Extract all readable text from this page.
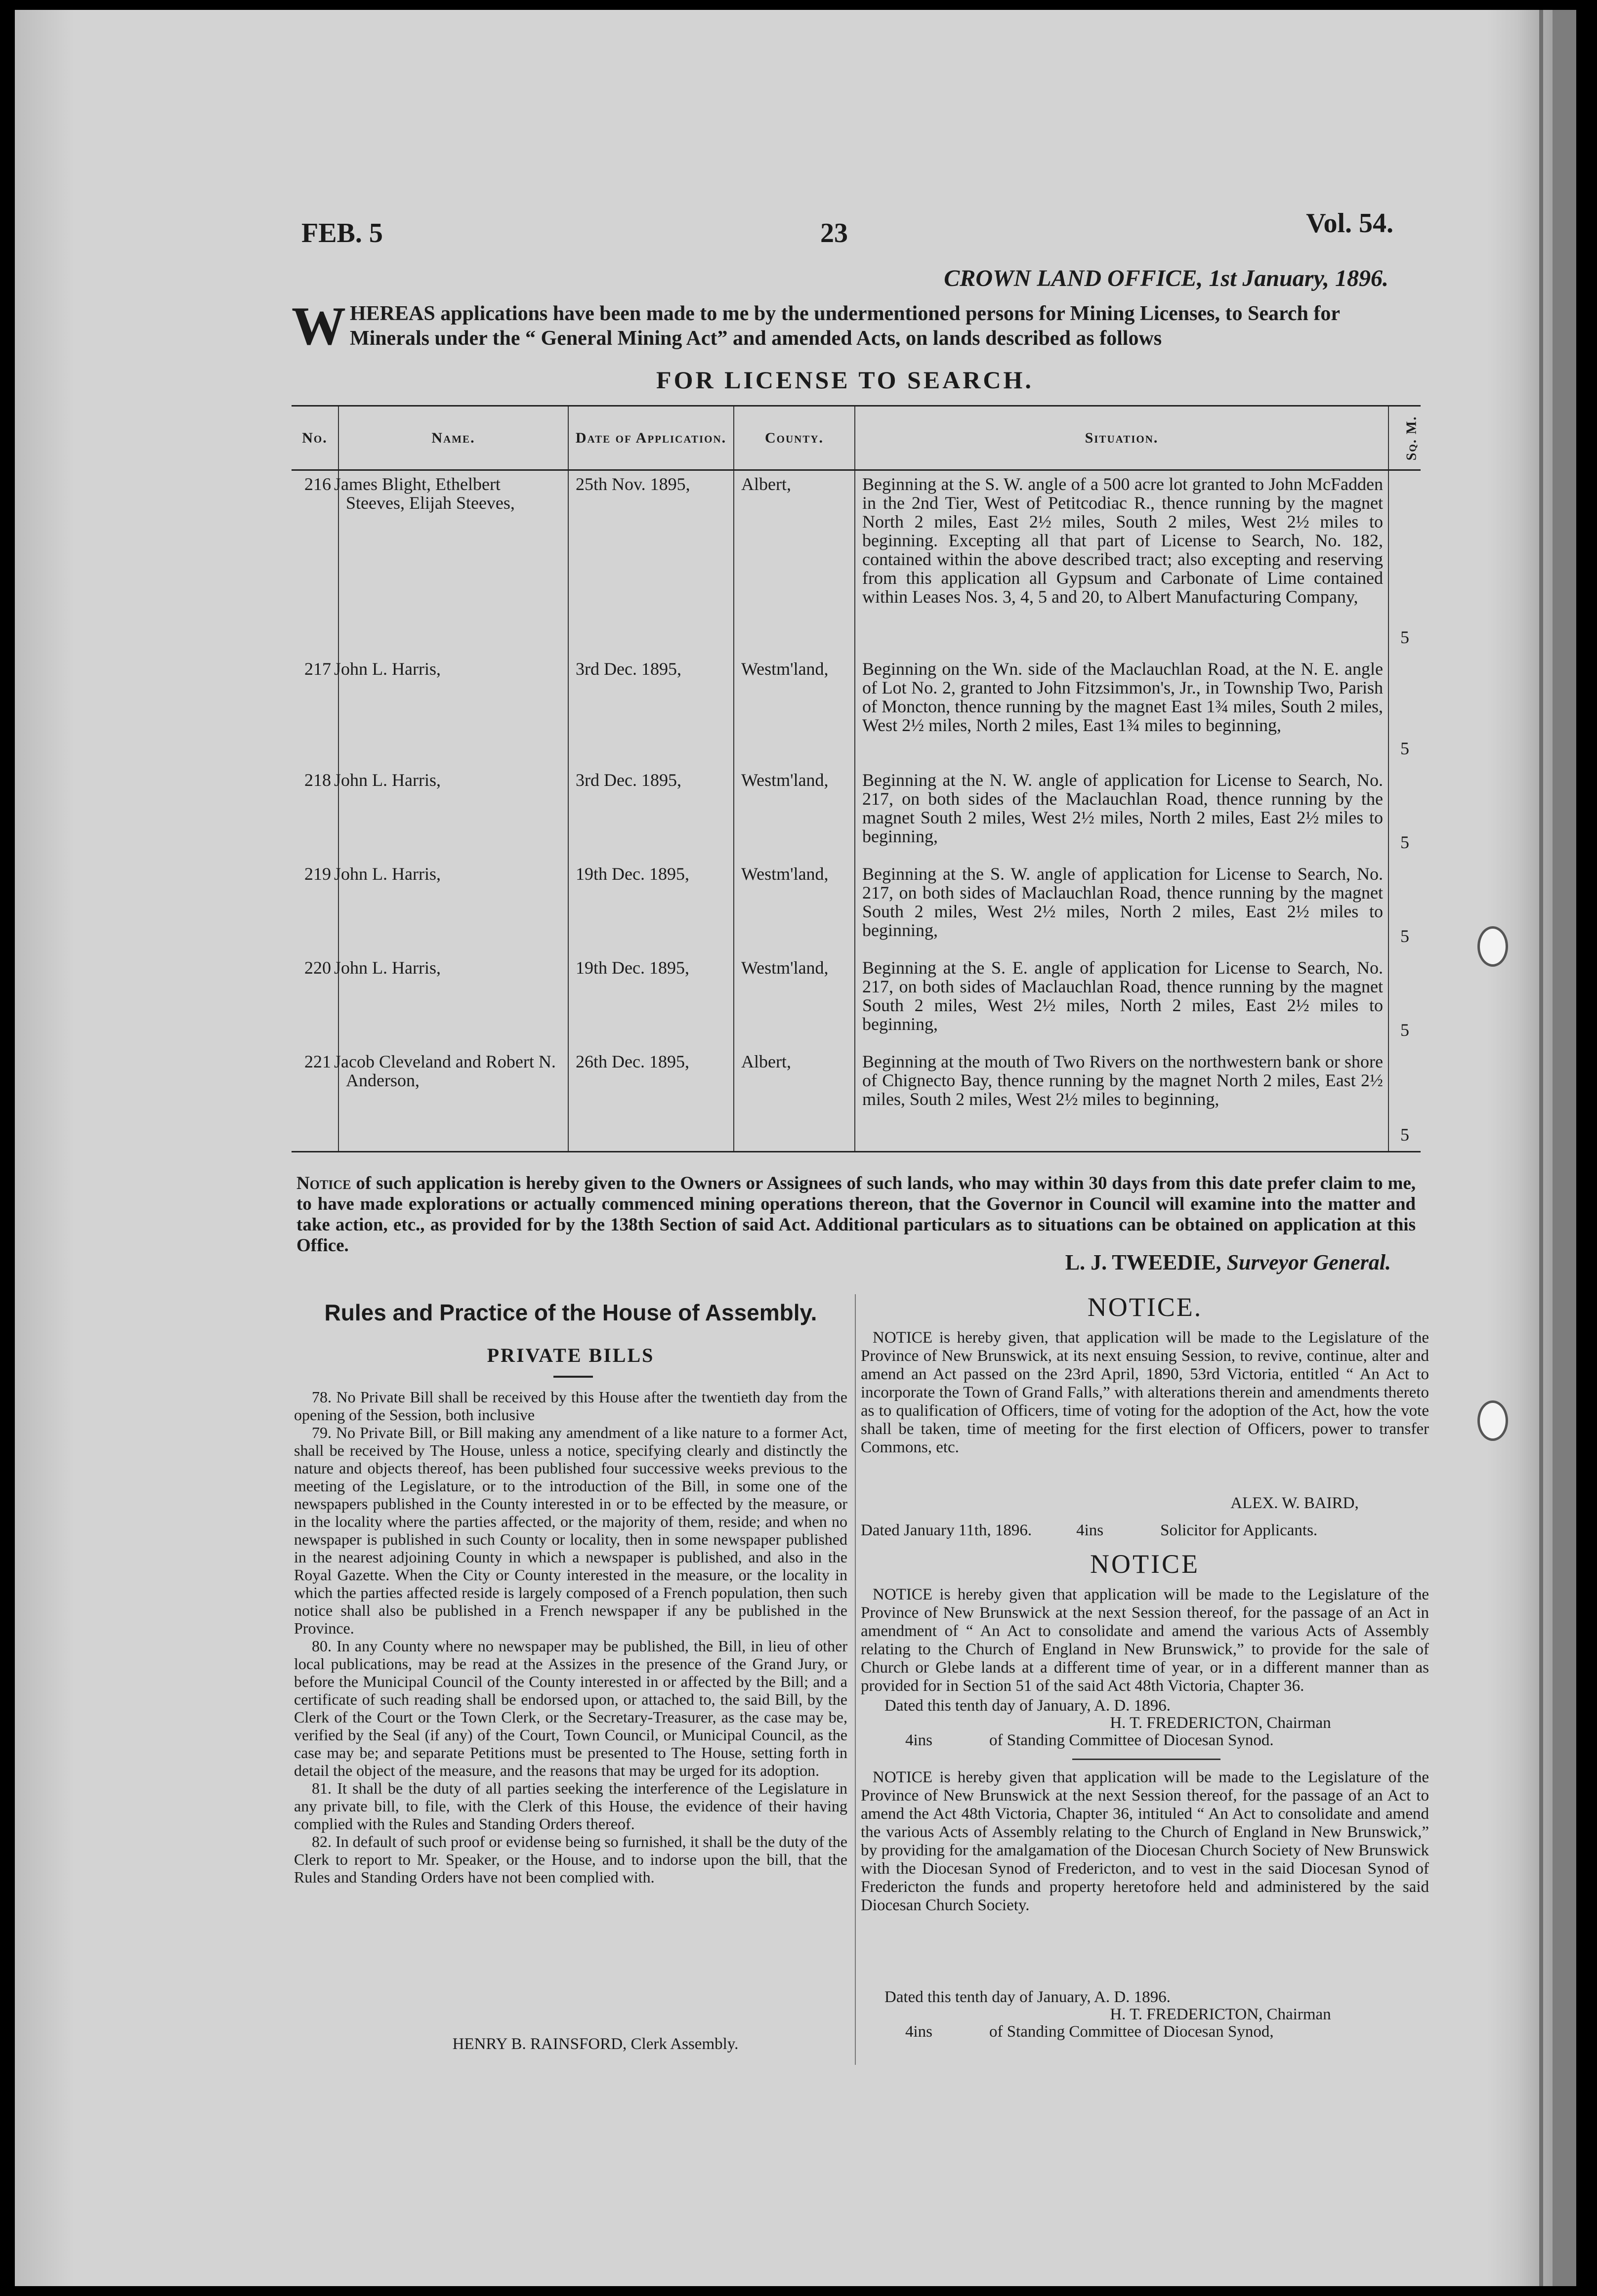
FEB. 5	23	Vol. 54.
CROWN LAND OFFICE, 1st January, 1896.
W HEREAS applications have been made to me by the undermentioned persons for Mining Licenses, to Search for Minerals under the “ General Mining Act” and amended Acts, on lands described as follows
FOR LICENSE TO SEARCH.
No.	Name.	Date of Application.	County.	Situation.	Sq. M.
216	James Blight, Ethelbert Steeves, Elijah Steeves,	25th Nov. 1895,	Albert,	Beginning at the S. W. angle of a 500 acre lot granted to John McFadden in the 2nd Tier, West of Petitcodiac R., thence running by the magnet North 2 miles, East 2½ miles, South 2 miles, West 2½ miles to beginning. Excepting all that part of License to Search, No. 182, contained within the above described tract; also excepting and reserving from this application all Gypsum and Carbonate of Lime contained within Leases Nos. 3, 4, 5 and 20, to Albert Manufacturing Company,	5
217	John L. Harris,	3rd Dec. 1895,	Westm'land,	Beginning on the Wn. side of the Maclauchlan Road, at the N. E. angle of Lot No. 2, granted to John Fitzsimmon's, Jr., in Township Two, Parish of Moncton, thence running by the magnet East 1¾ miles, South 2 miles, West 2½ miles, North 2 miles, East 1¾ miles to beginning,	5
218	John L. Harris,	3rd Dec. 1895,	Westm'land,	Beginning at the N. W. angle of application for License to Search, No. 217, on both sides of the Maclauchlan Road, thence running by the magnet South 2 miles, West 2½ miles, North 2 miles, East 2½ miles to beginning,	5
219	John L. Harris,	19th Dec. 1895,	Westm'land,	Beginning at the S. W. angle of application for License to Search, No. 217, on both sides of Maclauchlan Road, thence running by the magnet South 2 miles, West 2½ miles, North 2 miles, East 2½ miles to beginning,	5
220	John L. Harris,	19th Dec. 1895,	Westm'land,	Beginning at the S. E. angle of application for License to Search, No. 217, on both sides of Maclauchlan Road, thence running by the magnet South 2 miles, West 2½ miles, North 2 miles, East 2½ miles to beginning,	5
221	Jacob Cleveland and Robert N. Anderson,	26th Dec. 1895,	Albert,	Beginning at the mouth of Two Rivers on the northwestern bank or shore of Chignecto Bay, thence running by the magnet North 2 miles, East 2½ miles, South 2 miles, West 2½ miles to beginning,	5
Notice of such application is hereby given to the Owners or Assignees of such lands, who may within 30 days from this date prefer claim to me, to have made explorations or actually commenced mining operations thereon, that the Governor in Council will examine into the matter and take action, etc., as provided for by the 138th Section of said Act. Additional particulars as to situations can be obtained on application at this Office.
L. J. TWEEDIE, Surveyor General.
Rules and Practice of the House of Assembly.
PRIVATE BILLS

78. No Private Bill shall be received by this House after the twentieth day from the opening of the Session, both inclusive

79. No Private Bill, or Bill making any amendment of a like nature to a former Act, shall be received by The House, unless a notice, specifying clearly and distinctly the nature and objects thereof, has been published four successive weeks previous to the meeting of the Legislature, or to the introduction of the Bill, in some one of the newspapers published in the County interested in or to be effected by the measure, or in the locality where the parties affected, or the majority of them, reside; and when no newspaper is published in such County or locality, then in some newspaper published in the nearest adjoining County in which a newspaper is published, and also in the Royal Gazette. When the City or County interested in the measure, or the locality in which the parties affected reside is largely composed of a French population, then such notice shall also be published in a French newspaper if any be published in the Province.

80. In any County where no newspaper may be published, the Bill, in lieu of other local publications, may be read at the Assizes in the presence of the Grand Jury, or before the Municipal Council of the County interested in or affected by the Bill; and a certificate of such reading shall be endorsed upon, or attached to, the said Bill, by the Clerk of the Court or the Town Clerk, or the Secretary-Treasurer, as the case may be, verified by the Seal (if any) of the Court, Town Council, or Municipal Council, as the case may be; and separate Petitions must be presented to The House, setting forth in detail the object of the measure, and the reasons that may be urged for its adoption.

81. It shall be the duty of all parties seeking the interference of the Legislature in any private bill, to file, with the Clerk of this House, the evidence of their having complied with the Rules and Standing Orders thereof.

82. In default of such proof or evidense being so furnished, it shall be the duty of the Clerk to report to Mr. Speaker, or the House, and to indorse upon the bill, that the Rules and Standing Orders have not been complied with.

HENRY B. RAINSFORD, Clerk Assembly.
NOTICE.

NOTICE is hereby given, that application will be made to the Legislature of the Province of New Brunswick, at its next ensuing Session, to revive, continue, alter and amend an Act passed on the 23rd April, 1890, 53rd Victoria, entitled “ An Act to incorporate the Town of Grand Falls,” with alterations therein and amendments thereto as to qualification of Officers, time of voting for the adoption of the Act, how the vote shall be taken, time of meeting for the first election of Officers, power to transfer Commons, etc.

ALEX. W. BAIRD,
Dated January 11th, 1896.	4ins	Solicitor for Applicants.
NOTICE

NOTICE is hereby given that application will be made to the Legislature of the Province of New Brunswick at the next Session thereof, for the passage of an Act in amendment of “ An Act to consolidate and amend the various Acts of Assembly relating to the Church of England in New Brunswick,” to provide for the sale of Church or Glebe lands at a different time of year, or in a different manner than as provided for in Section 51 of the said Act 48th Victoria, Chapter 36.

Dated this tenth day of January, A. D. 1896.
H. T. FREDERICTON, Chairman
4ins	of Standing Committee of Diocesan Synod.

NOTICE is hereby given that application will be made to the Legislature of the Province of New Brunswick at the next Session thereof, for the passage of an Act to amend the Act 48th Victoria, Chapter 36, intituled “ An Act to consolidate and amend the various Acts of Assembly relating to the Church of England in New Brunswick,” by providing for the amalgamation of the Diocesan Church Society of New Brunswick with the Diocesan Synod of Fredericton, and to vest in the said Diocesan Synod of Fredericton the funds and property heretofore held and administered by the said Diocesan Church Society.

Dated this tenth day of January, A. D. 1896.
H. T. FREDERICTON, Chairman
4ins	of Standing Committee of Diocesan Synod,
